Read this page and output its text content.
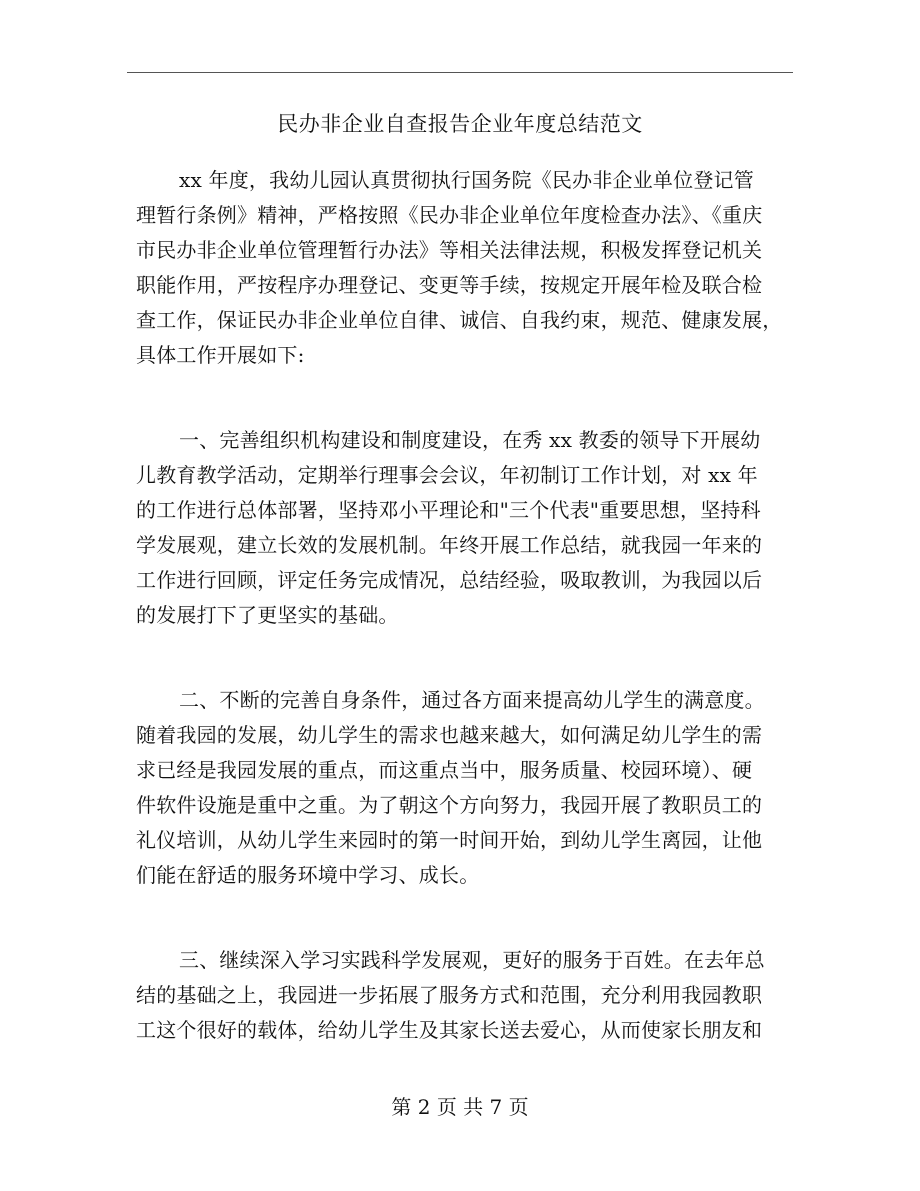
民办非企业自查报告企业年度总结范文
xx 年度，我幼儿园认真贯彻执行国务院《民办非企业单位登记管
理暂行条例》精神，严格按照《民办非企业单位年度检查办法》、《重庆
市民办非企业单位管理暂行办法》等相关法律法规，积极发挥登记机关
职能作用，严按程序办理登记、变更等手续，按规定开展年检及联合检
查工作，保证民办非企业单位自律、诚信、自我约束，规范、健康发展，
具体工作开展如下:
一、完善组织机构建设和制度建设，在秀 xx 教委的领导下开展幼
儿教育教学活动，定期举行理事会会议，年初制订工作计划，对 xx 年
的工作进行总体部署，坚持邓小平理论和"三个代表"重要思想，坚持科
学发展观，建立长效的发展机制。年终开展工作总结，就我园一年来的
工作进行回顾，评定任务完成情况，总结经验，吸取教训，为我园以后
的发展打下了更坚实的基础。
二、不断的完善自身条件，通过各方面来提高幼儿学生的满意度。
随着我园的发展，幼儿学生的需求也越来越大，如何满足幼儿学生的需
求已经是我园发展的重点，而这重点当中，服务质量、校园环境）、硬
件软件设施是重中之重。为了朝这个方向努力，我园开展了教职员工的
礼仪培训，从幼儿学生来园时的第一时间开始，到幼儿学生离园，让他
们能在舒适的服务环境中学习、成长。
三、继续深入学习实践科学发展观，更好的服务于百姓。在去年总
结的基础之上，我园进一步拓展了服务方式和范围，充分利用我园教职
工这个很好的载体，给幼儿学生及其家长送去爱心，从而使家长朋友和
第 2 页 共 7 页
